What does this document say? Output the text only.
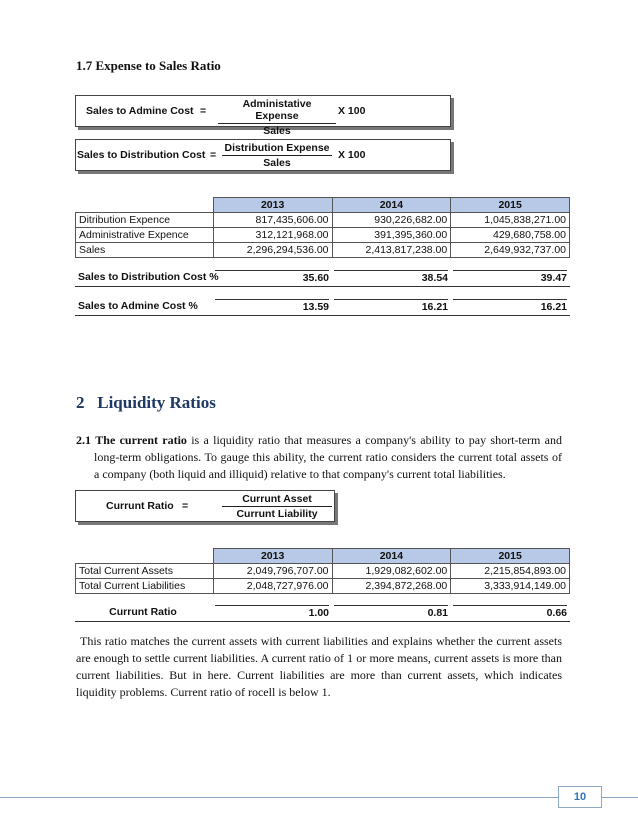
1.7 Expense to Sales Ratio
Sales to Admine Cost =
Administative Expense
Sales
X 100
Sales to Distribution Cost =
Distribution Expense
Sales
X 100
	2013	2014	2015
Ditribution Expence	817,435,606.00	930,226,682.00	1,045,838,271.00
Administrative Expence	312,121,968.00	391,395,360.00	429,680,758.00
Sales	2,296,294,536.00	2,413,817,238.00	2,649,932,737.00
Sales to Distribution Cost %	35.60	38.54	39.47
Sales to Admine Cost %	13.59	16.21	16.21
2   Liquidity Ratios

2.1 The current ratio is a liquidity ratio that measures a company's ability to pay short-term and long-term obligations. To gauge this ability, the current ratio considers the current total assets of a company (both liquid and illiquid) relative to that company's current total liabilities.

Currunt Ratio =
Currunt Asset
Currunt Liability
	2013	2014	2015
Total Current Assets	2,049,796,707.00	1,929,082,602.00	2,215,854,893.00
Total Current Liabilities	2,048,727,976.00	2,394,872,268.00	3,333,914,149.00
Currunt Ratio	1.00	0.81	0.66

This ratio matches the current assets with current liabilities and explains whether the current assets are enough to settle current liabilities. A current ratio of 1 or more means, current assets is more than current liabilities. But in here. Current liabilities are more than current assets, which indicates liquidity problems. Current ratio of rocell is below 1.

10
